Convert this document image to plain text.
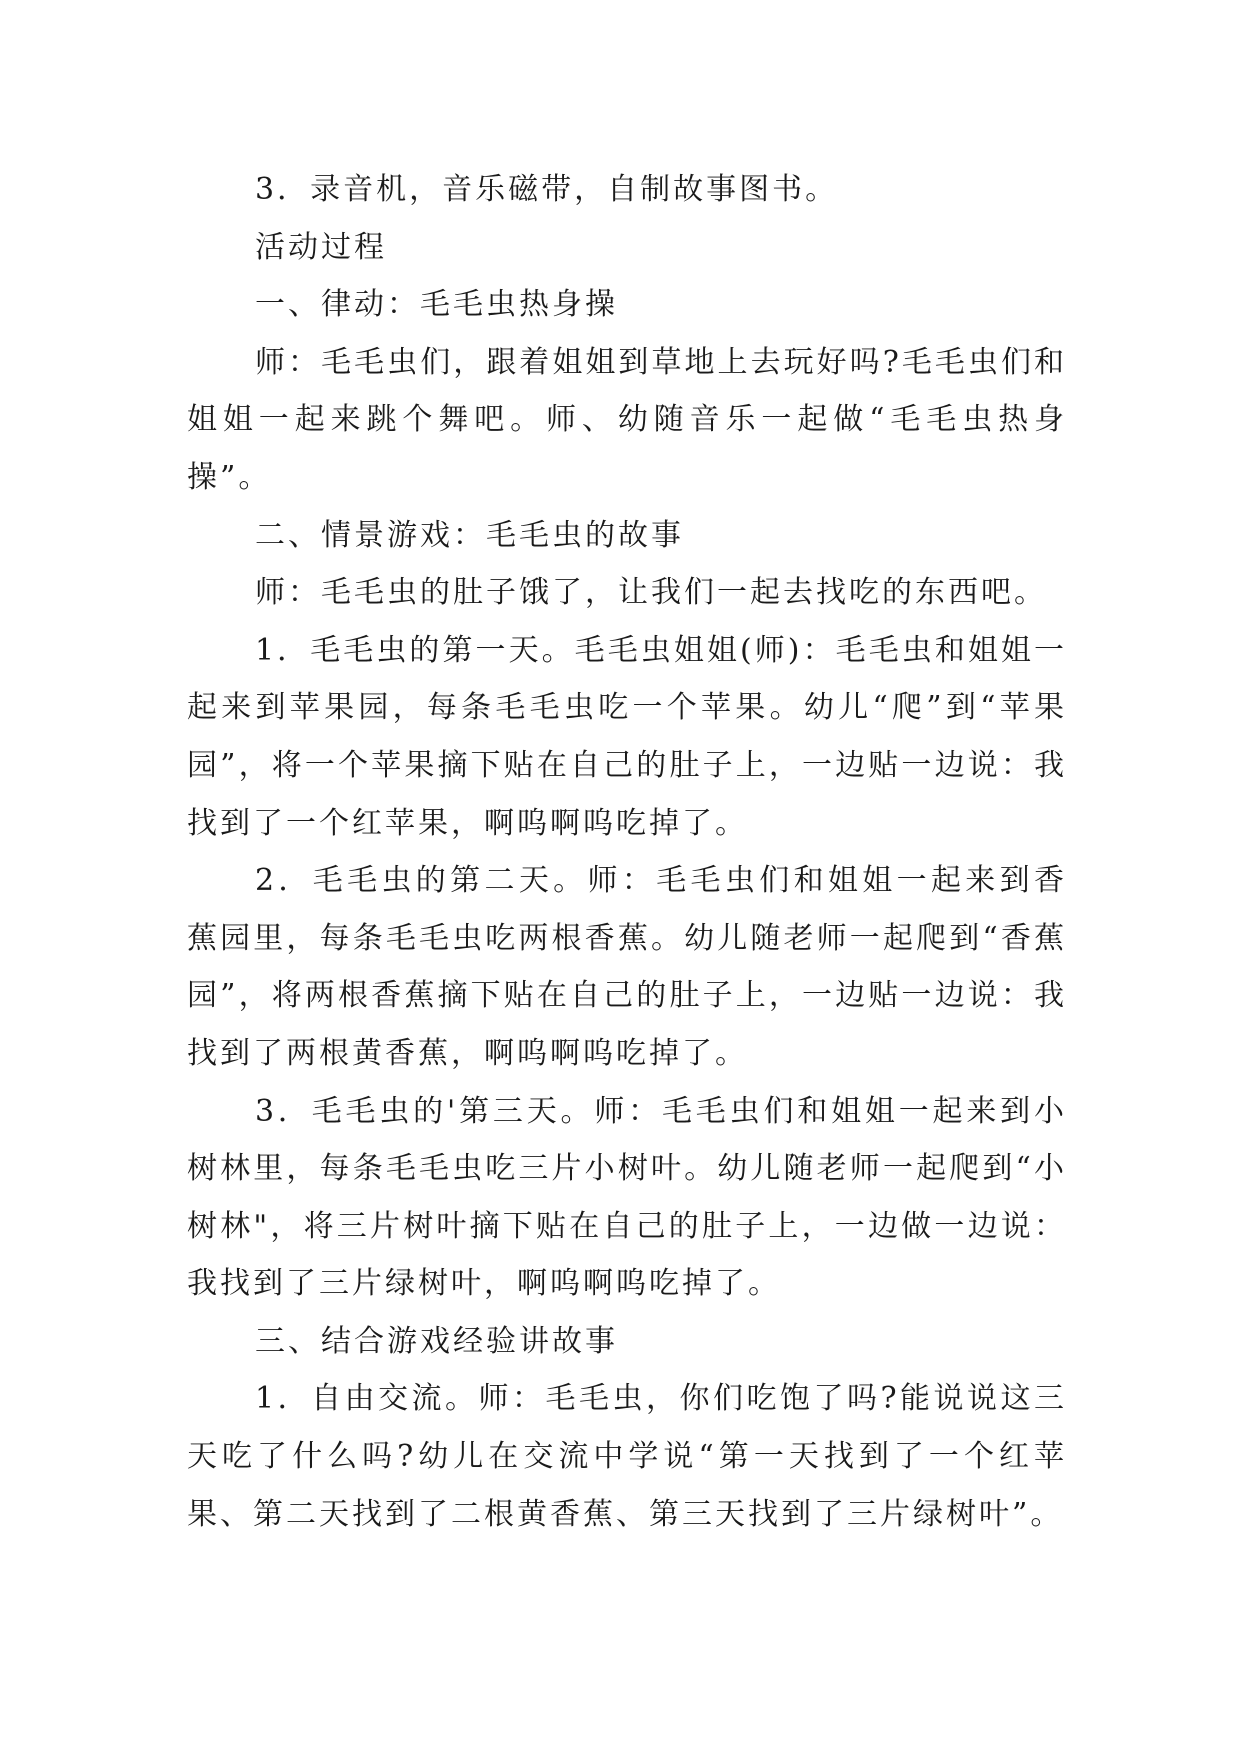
3．录音机，音乐磁带，自制故事图书。

活动过程

一、律动：毛毛虫热身操

师：毛毛虫们，跟着姐姐到草地上去玩好吗?毛毛虫们和姐姐一起来跳个舞吧。师、幼随音乐一起做“毛毛虫热身操”。

二、情景游戏：毛毛虫的故事

师：毛毛虫的肚子饿了，让我们一起去找吃的东西吧。

1．毛毛虫的第一天。毛毛虫姐姐(师)：毛毛虫和姐姐一起来到苹果园，每条毛毛虫吃一个苹果。幼儿“爬”到“苹果园”，将一个苹果摘下贴在自己的肚子上，一边贴一边说：我找到了一个红苹果，啊呜啊呜吃掉了。

2．毛毛虫的第二天。师：毛毛虫们和姐姐一起来到香蕉园里，每条毛毛虫吃两根香蕉。幼儿随老师一起爬到“香蕉园”，将两根香蕉摘下贴在自己的肚子上，一边贴一边说：我找到了两根黄香蕉，啊呜啊呜吃掉了。

3．毛毛虫的'第三天。师：毛毛虫们和姐姐一起来到小树林里，每条毛毛虫吃三片小树叶。幼儿随老师一起爬到“小树林"，将三片树叶摘下贴在自己的肚子上，一边做一边说：我找到了三片绿树叶，啊呜啊呜吃掉了。

三、结合游戏经验讲故事

1．自由交流。师：毛毛虫，你们吃饱了吗?能说说这三天吃了什么吗?幼儿在交流中学说“第一天找到了一个红苹果、第二天找到了二根黄香蕉、第三天找到了三片绿树叶”。
